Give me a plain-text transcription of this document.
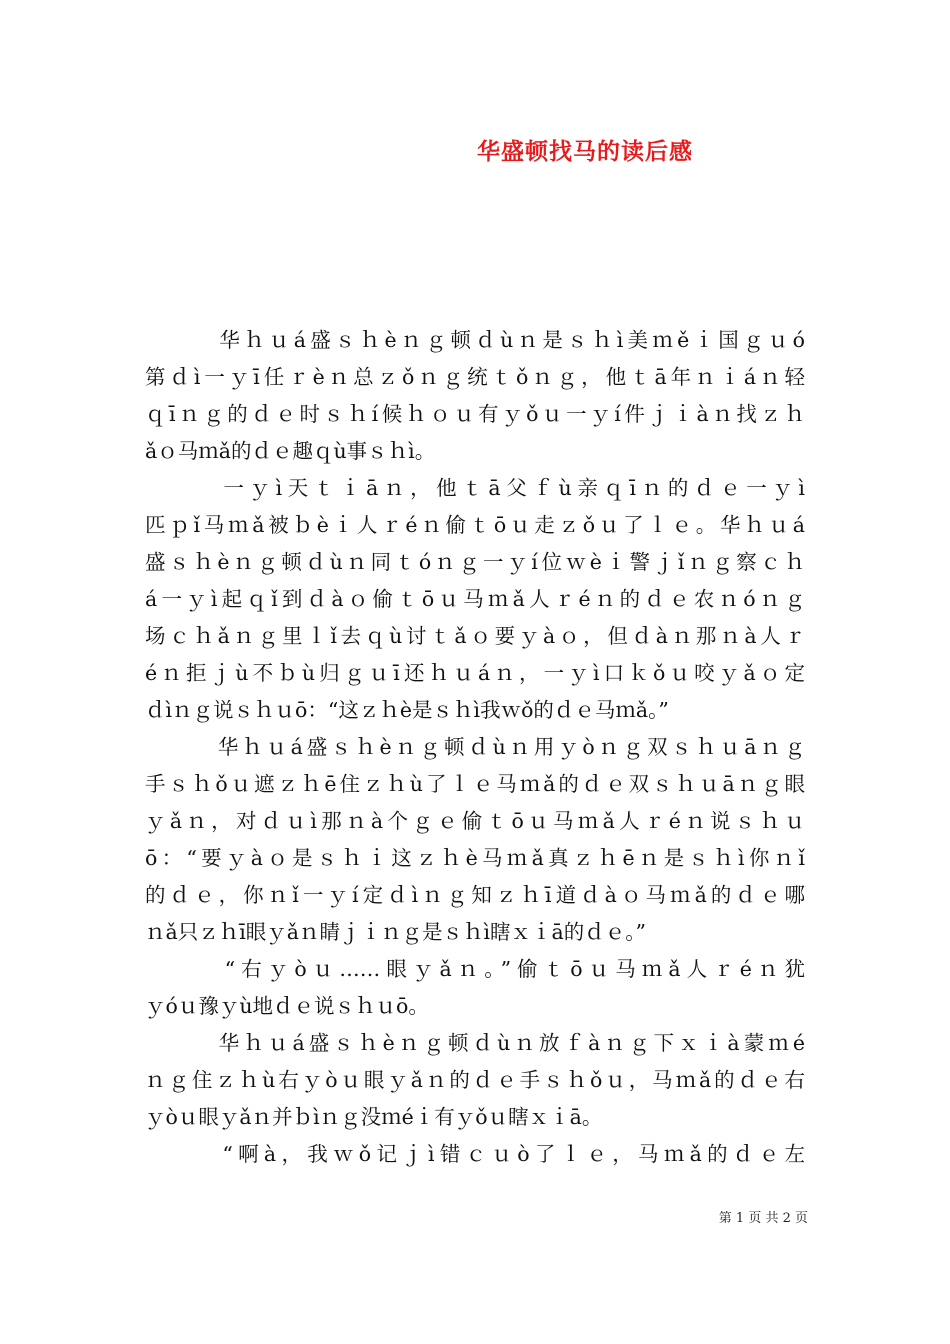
华盛顿找马的读后感
　　　华ｈｕá盛ｓｈèｎｇ顿ｄùｎ是ｓｈì美ｍěｉ国ｇｕó
第ｄì一ｙī任ｒèｎ总ｚǒｎｇ统ｔǒｎｇ，他ｔā年ｎｉáｎ轻
ｑīｎｇ的ｄｅ时ｓｈí候ｈｏｕ有ｙǒｕ一ｙí件ｊｉàｎ找ｚｈ
ǎｏ马ｍǎ的ｄｅ趣ｑù事ｓｈì。
　　　一ｙì天ｔｉāｎ，他ｔā父ｆù亲ｑīｎ的ｄｅ一ｙì
匹ｐǐ马ｍǎ被ｂèｉ人ｒéｎ偷ｔōｕ走ｚǒｕ了ｌｅ。华ｈｕá
盛ｓｈèｎｇ顿ｄùｎ同ｔóｎｇ一ｙí位ｗèｉ警ｊǐｎｇ察ｃｈ
á一ｙì起ｑǐ到ｄàｏ偷ｔōｕ马ｍǎ人ｒéｎ的ｄｅ农ｎóｎｇ
场ｃｈǎｎｇ里ｌǐ去ｑù讨ｔǎｏ要ｙàｏ，但ｄàｎ那ｎà人ｒ
éｎ拒ｊù不ｂù归ｇｕī还ｈｕáｎ，一ｙì口ｋǒｕ咬ｙǎｏ定
ｄìｎｇ说ｓｈｕō：“这ｚｈè是ｓｈì我ｗǒ的ｄｅ马ｍǎ。”
　　　华ｈｕá盛ｓｈèｎｇ顿ｄùｎ用ｙòｎｇ双ｓｈｕāｎｇ
手ｓｈǒｕ遮ｚｈē住ｚｈù了ｌｅ马ｍǎ的ｄｅ双ｓｈｕāｎｇ眼
ｙǎｎ，对ｄｕì那ｎà个ｇｅ偷ｔōｕ马ｍǎ人ｒéｎ说ｓｈｕ
ō：“要ｙàｏ是ｓｈｉ这ｚｈè马ｍǎ真ｚｈēｎ是ｓｈì你ｎǐ
的ｄｅ，你ｎǐ一ｙí定ｄìｎｇ知ｚｈī道ｄàｏ马ｍǎ的ｄｅ哪
ｎǎ只ｚｈī眼ｙǎｎ睛ｊｉｎｇ是ｓｈì瞎ｘｉā的ｄｅ。”
　　　“右ｙòｕ……眼ｙǎｎ。”偷ｔōｕ马ｍǎ人ｒéｎ犹
ｙóｕ豫ｙù地ｄｅ说ｓｈｕō。
　　　华ｈｕá盛ｓｈèｎｇ顿ｄùｎ放ｆàｎｇ下ｘｉà蒙ｍé
ｎｇ住ｚｈù右ｙòｕ眼ｙǎｎ的ｄｅ手ｓｈǒｕ，马ｍǎ的ｄｅ右
ｙòｕ眼ｙǎｎ并ｂìｎｇ没ｍéｉ有ｙǒｕ瞎ｘｉā。
　　　“啊à，我ｗǒ记ｊì错ｃｕò了ｌｅ，马ｍǎ的ｄｅ左
第 1 页 共 2 页
